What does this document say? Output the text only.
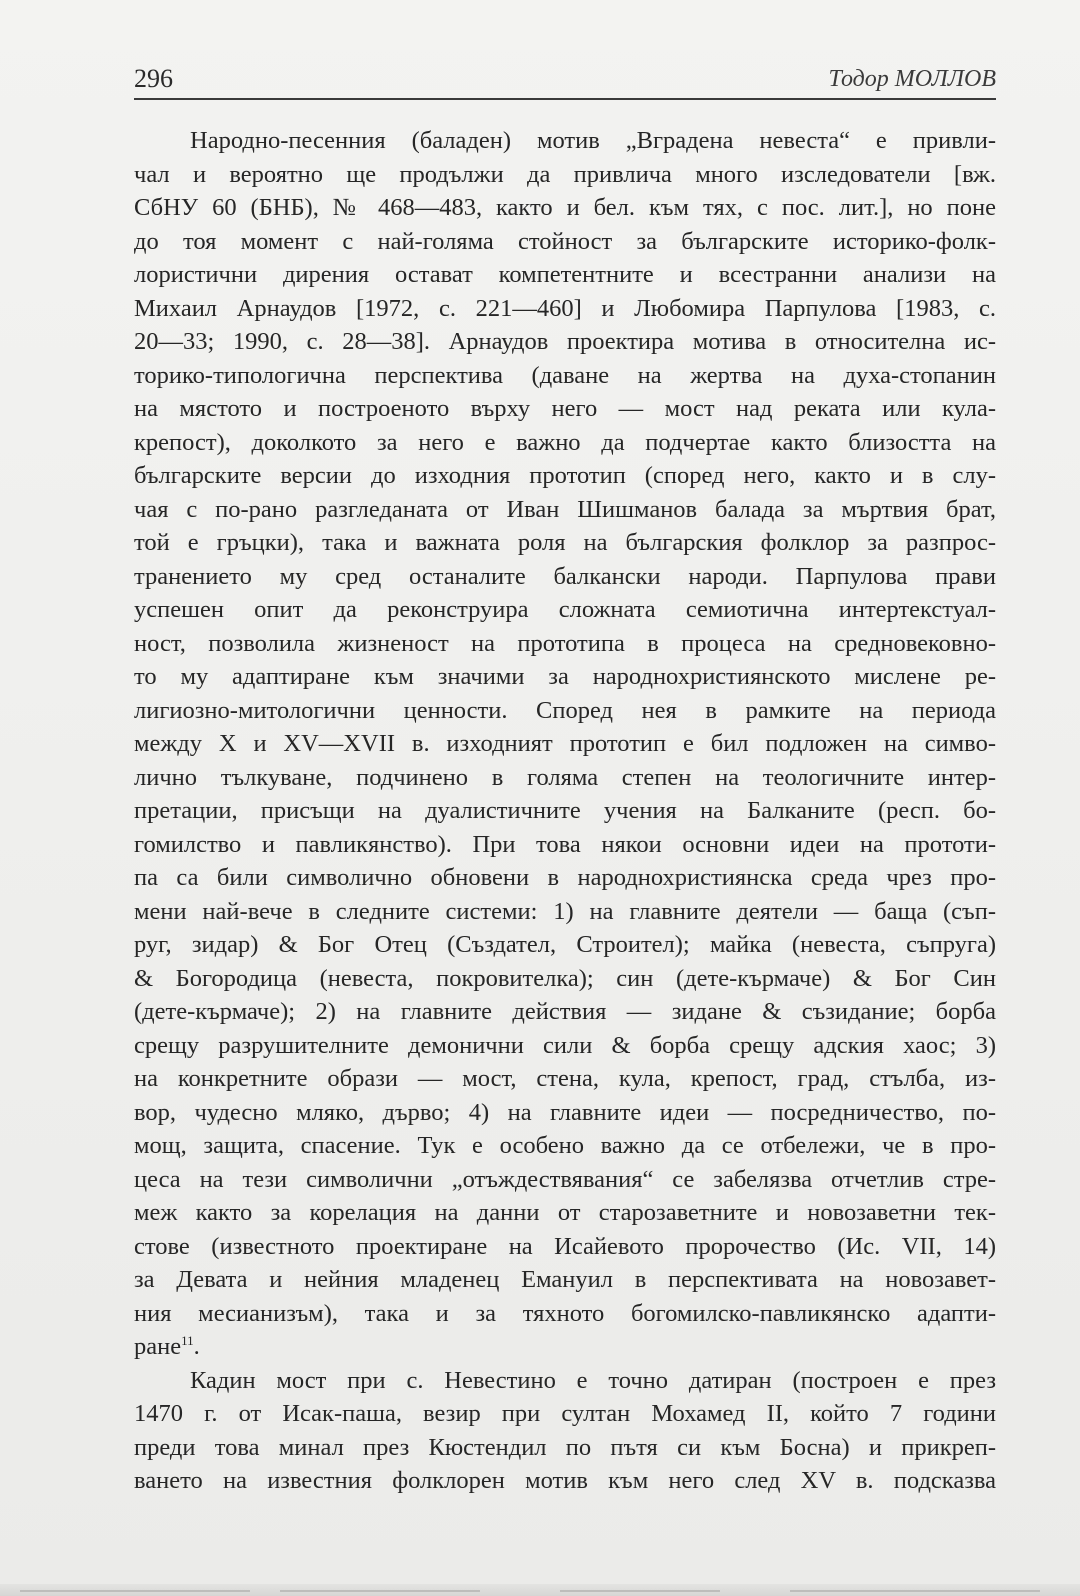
296	Тодор МОЛЛОВ
Народно-песенния (баладен) мотив „Вградена невеста“ е привли-
чал и вероятно ще продължи да привлича много изследователи [вж.
СбНУ 60 (БНБ), № 468—483, както и бел. към тях, с пос. лит.], но поне
до тоя момент с най-голяма стойност за българските историко-фолк-
лористични дирения остават компетентните и всестранни анализи на
Михаил Арнаудов [1972, с. 221—460] и Любомира Парпулова [1983, с.
20—33; 1990, с. 28—38]. Арнаудов проектира мотива в относителна ис-
торико-типологична перспектива (даване на жертва на духа-стопанин
на мястото и построеното върху него — мост над реката или кула-
крепост), доколкото за него е важно да подчертае както близостта на
българските версии до изходния прототип (според него, както и в слу-
чая с по-рано разгледаната от Иван Шишманов балада за мъртвия брат,
той е гръцки), така и важната роля на българския фолклор за разпрос-
транението му сред останалите балкански народи. Парпулова прави
успешен опит да реконструира сложната семиотична интертекстуал-
ност, позволила жизненост на прототипа в процеса на средновековно-
то му адаптиране към значими за народнохристиянското мислене ре-
лигиозно-митологични ценности. Според нея в рамките на периода
между X и XV—XVII в. изходният прототип е бил подложен на симво-
лично тълкуване, подчинено в голяма степен на теологичните интер-
претации, присъщи на дуалистичните учения на Балканите (респ. бо-
гомилство и павликянство). При това някои основни идеи на прототи-
па са били символично обновени в народнохристиянска среда чрез про-
мени най-вече в следните системи: 1) на главните деятели — баща (съп-
руг, зидар) & Бог Отец (Създател, Строител); майка (невеста, съпруга)
& Богородица (невеста, покровителка); син (дете-кърмаче) & Бог Син
(дете-кърмаче); 2) на главните действия — зидане & съзидание; борба
срещу разрушителните демонични сили & борба срещу адския хаос; 3)
на конкретните образи — мост, стена, кула, крепост, град, стълба, из-
вор, чудесно мляко, дърво; 4) на главните идеи — посредничество, по-
мощ, защита, спасение. Тук е особено важно да се отбележи, че в про-
цеса на тези символични „отъждествявания“ се забелязва отчетлив стре-
меж както за корелация на данни от старозаветните и новозаветни тек-
стове (известното проектиране на Исайевото пророчество (Ис. VII, 14)
за Девата и нейния младенец Емануил в перспективата на новозавет-
ния месианизъм), така и за тяхното богомилско-павликянско адапти-
ране$^{11}$.
Кадин мост при с. Невестино е точно датиран (построен е през
1470 г. от Исак-паша, везир при султан Мохамед II, който 7 години
преди това минал през Кюстендил по пътя си към Босна) и прикреп-
ването на известния фолклорен мотив към него след XV в. подсказва
